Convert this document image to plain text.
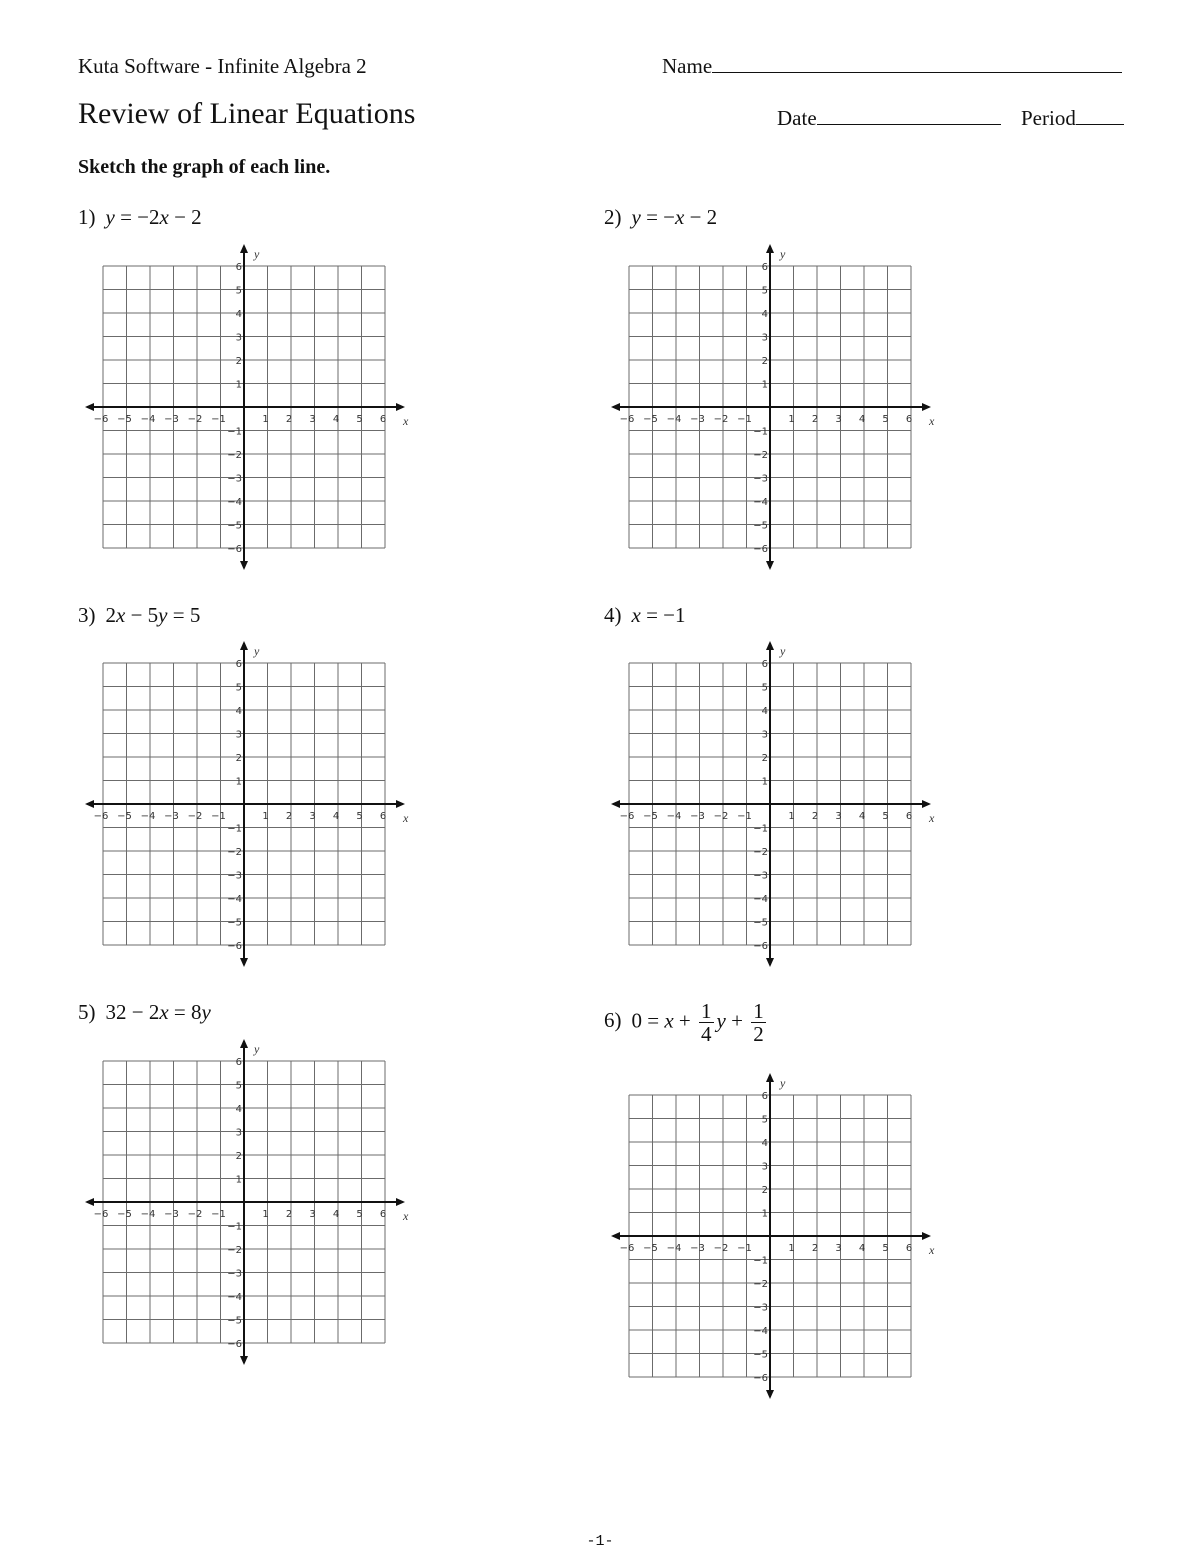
Kuta Software - Infinite Algebra 2	Name
Review of Linear Equations	Date	Period
Sketch the graph of each line.
1) y = −2x − 2	2) y = −x − 2
3) 2x − 5y = 5	4) x = −1
5) 32 − 2x = 8y	6) $0 = x + \frac{1}{4}$ $y + \frac{1}{2}$
−6 −5 −4 −3 −2 −1	1 2 3 4 5 6
6
5
4
3
2
1
−1
−2
−3
−4
−5
−6
x
y
−6 −5 −4 −3 −2 −1	1 2 3 4 5 6
6
5
4
3
2
1
−1
−2
−3
−4
−5
−6
x
y
−6 −5 −4 −3 −2 −1	1 2 3 4 5 6
6
5
4
3
2
1
−1
−2
−3
−4
−5
−6
x
y
−6 −5 −4 −3 −2 −1	1 2 3 4 5 6
6
5
4
3
2
1
−1
−2
−3
−4
−5
−6
x
y
−6 −5 −4 −3 −2 −1	1 2 3 4 5 6
6
5
4
3
2
1
−1
−2
−3
−4
−5
−6
x
y
−6 −5 −4 −3 −2 −1	1 2 3 4 5 6
6
5
4
3
2
1
−1
−2
−3
−4
−5
−6
x
y
-1-
